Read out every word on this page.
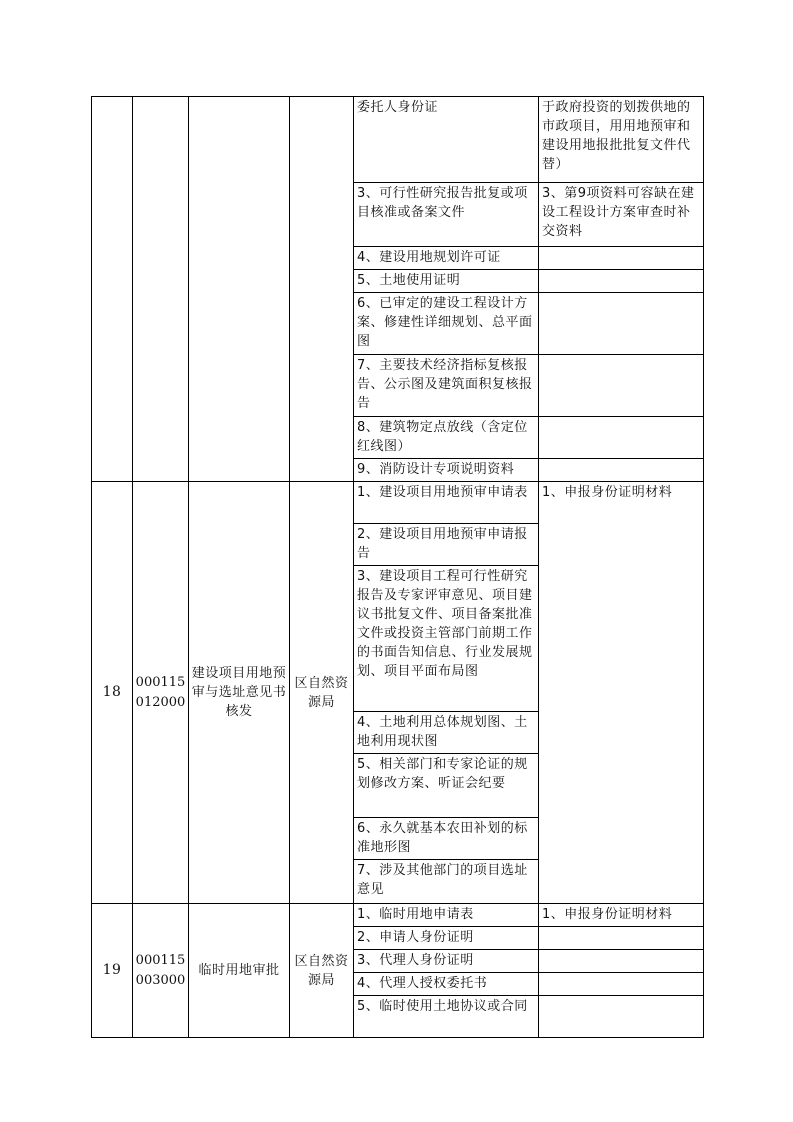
				委托人身份证	于政府投资的划拨供地的市政项目，用用地预审和建设用地报批批复文件代替）
				3、可行性研究报告批复或项目核准或备案文件	3、第9项资料可容缺在建设工程设计方案审查时补交资料
				4、建设用地规划许可证	
				5、土地使用证明	
				6、已审定的建设工程设计方案、修建性详细规划、总平面图	
				7、主要技术经济指标复核报告、公示图及建筑面积复核报告	
				8、建筑物定点放线（含定位红线图）	
				9、消防设计专项说明资料	
18	000115012000	建设项目用地预审与选址意见书核发	区自然资源局	1、建设项目用地预审申请表	1、申报身份证明材料
				2、建设项目用地预审申请报告	
				3、建设项目工程可行性研究报告及专家评审意见、项目建议书批复文件、项目备案批准文件或投资主管部门前期工作的书面告知信息、行业发展规划、项目平面布局图	
				4、土地利用总体规划图、土地利用现状图	
				5、相关部门和专家论证的规划修改方案、听证会纪要	
				6、永久就基本农田补划的标准地形图	
				7、涉及其他部门的项目选址意见	
19	000115003000	临时用地审批	区自然资源局	1、临时用地申请表	1、申报身份证明材料
				2、申请人身份证明	
				3、代理人身份证明	
				4、代理人授权委托书	
				5、临时使用土地协议或合同	
